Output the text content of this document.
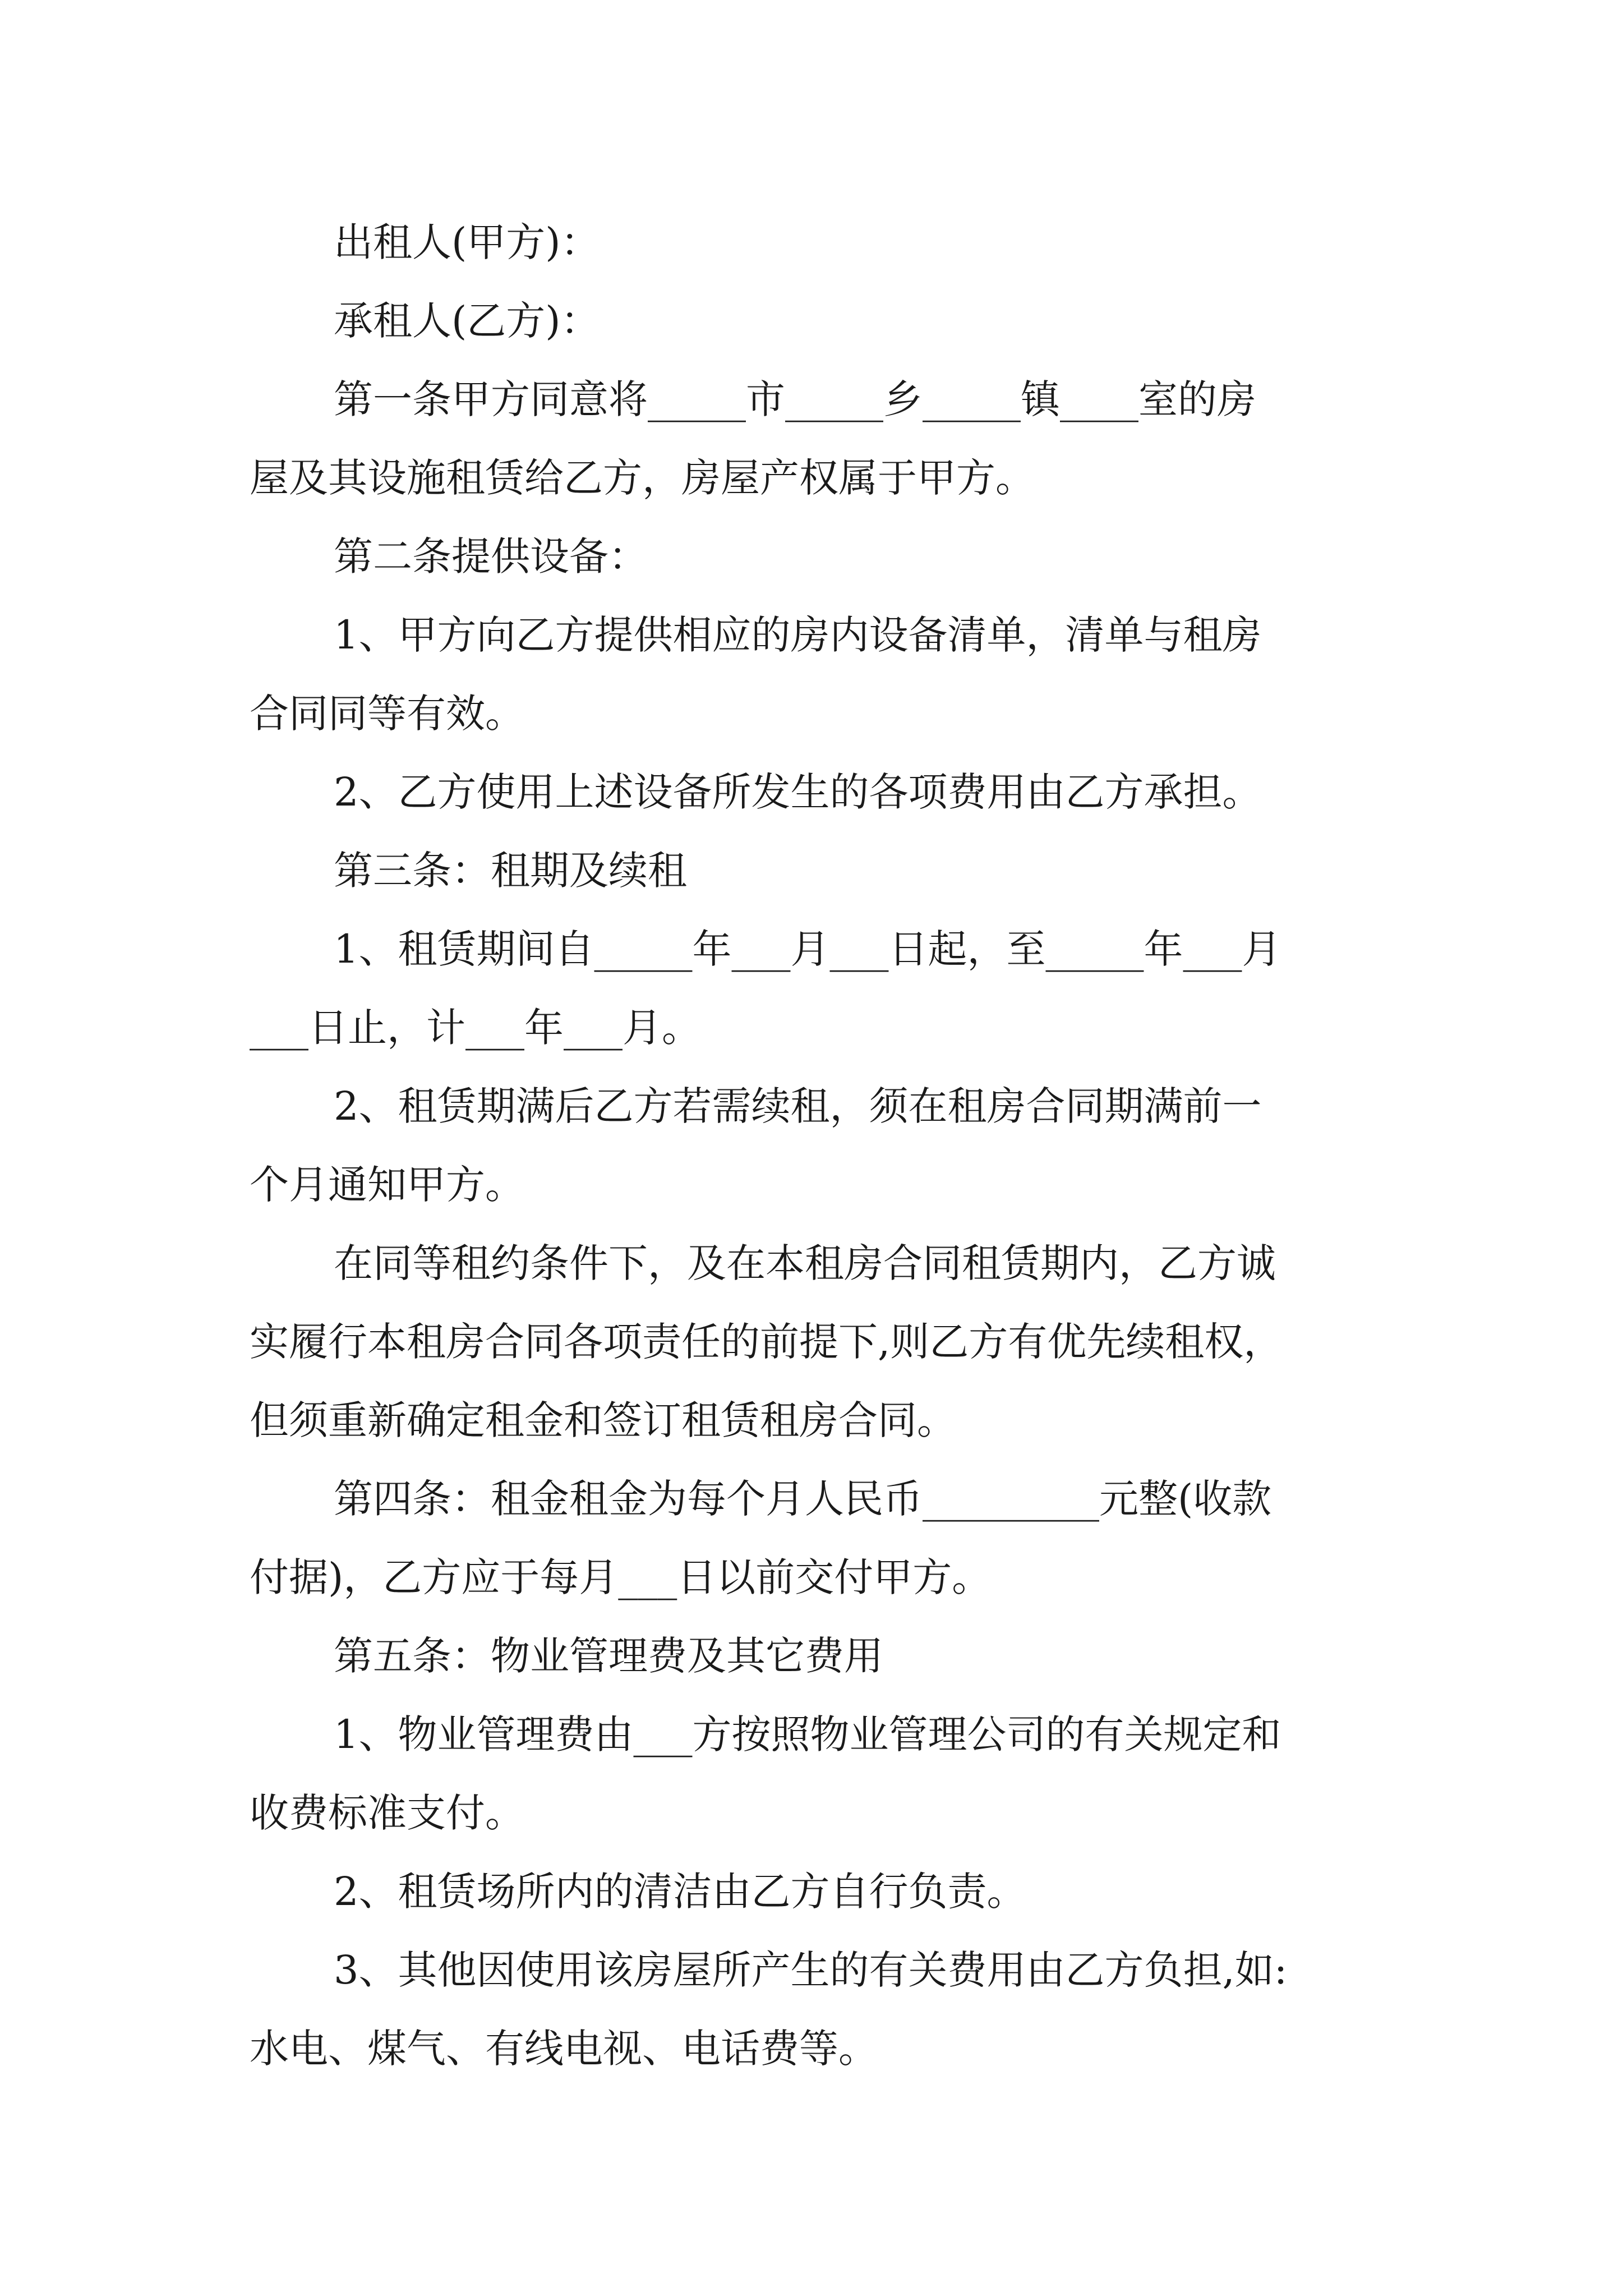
出租人(甲方)：
承租人(乙方)：
第一条甲方同意将_____市_____乡_____镇____室的房
屋及其设施租赁给乙方，房屋产权属于甲方。
第二条提供设备：
1、甲方向乙方提供相应的房内设备清单，清单与租房
合同同等有效。
2、乙方使用上述设备所发生的各项费用由乙方承担。
第三条：租期及续租
1、租赁期间自_____年___月___日起，至_____年___月
___日止，计___年___月。
2、租赁期满后乙方若需续租，须在租房合同期满前一
个月通知甲方。
在同等租约条件下，及在本租房合同租赁期内，乙方诚
实履行本租房合同各项责任的前提下,则乙方有优先续租权，
但须重新确定租金和签订租赁租房合同。
第四条：租金租金为每个月人民币_________元整(收款
付据)，乙方应于每月___日以前交付甲方。
第五条：物业管理费及其它费用
1、物业管理费由___方按照物业管理公司的有关规定和
收费标准支付。
2、租赁场所内的清洁由乙方自行负责。
3、其他因使用该房屋所产生的有关费用由乙方负担,如:
水电、煤气、有线电视、电话费等。
